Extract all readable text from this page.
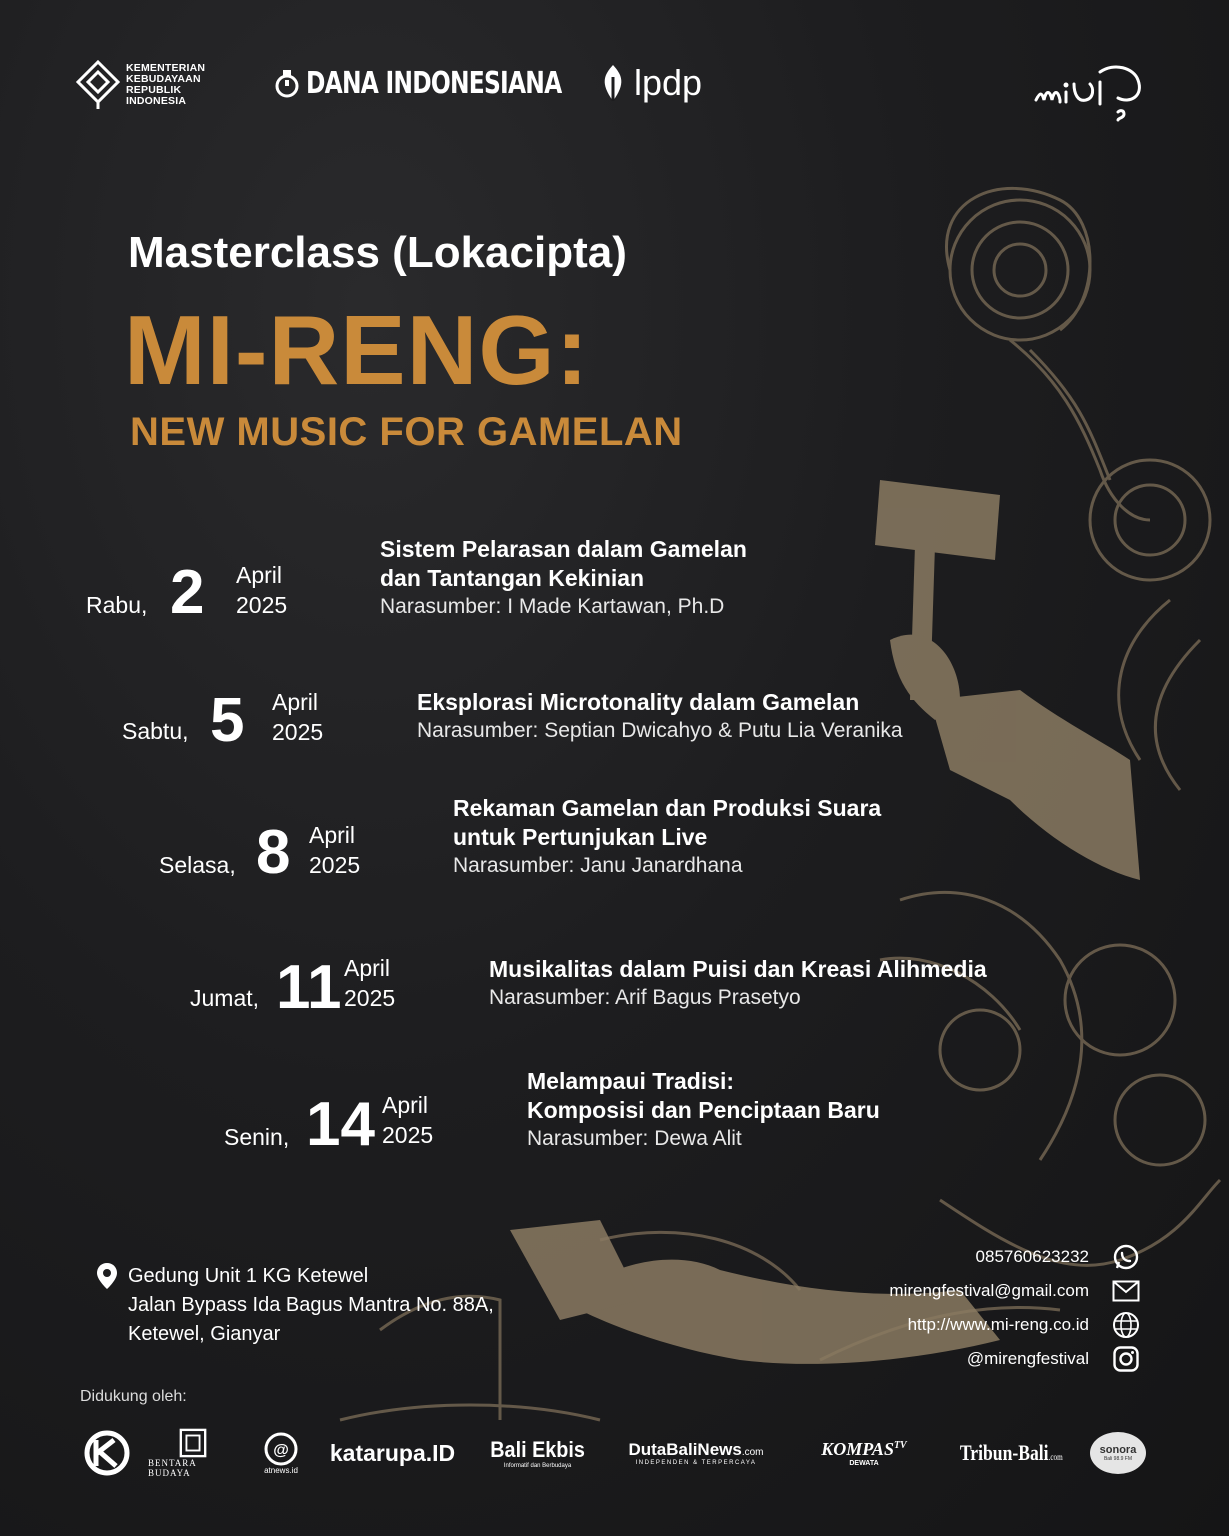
KEMENTERIAN
KEBUDAYAAN
REPUBLIK
INDONESIA	DANA INDONESIANA lpdp
Masterclass (Lokacipta)
MI-RENG:
NEW MUSIC FOR GAMELAN
Rabu, 2 April
2025
Sistem Pelarasan dalam Gamelan
dan Tantangan Kekinian
Narasumber: I Made Kartawan, Ph.D
Sabtu, 5 April
2025
Eksplorasi Microtonality dalam Gamelan
Narasumber: Septian Dwicahyo & Putu Lia Veranika
Selasa, 8 April
2025
Rekaman Gamelan dan Produksi Suara
untuk Pertunjukan Live
Narasumber: Janu Janardhana
Jumat, 11 April
2025
Musikalitas dalam Puisi dan Kreasi Alihmedia
Narasumber: Arif Bagus Prasetyo
Senin, 14 April
2025
Melampaui Tradisi:
Komposisi dan Penciptaan Baru
Narasumber: Dewa Alit
Gedung Unit 1 KG Ketewel
Jalan Bypass Ida Bagus Mantra No. 88A,
Ketewel, Gianyar
085760623232
mirengfestival@gmail.com
http://www.mi-reng.co.id
@mirengfestival
Didukung oleh:
BENTARA BUDAYA
@
atnews.id
katarupa.ID Bali Ekbis
Informatif dan Berbudaya
DutaBaliNews.com
INDEPENDEN & TERPERCAYA
$KOMPAS^{TV}$
DEWATA	Tribun-Bali.com
sonora
Bali 98.9 FM
